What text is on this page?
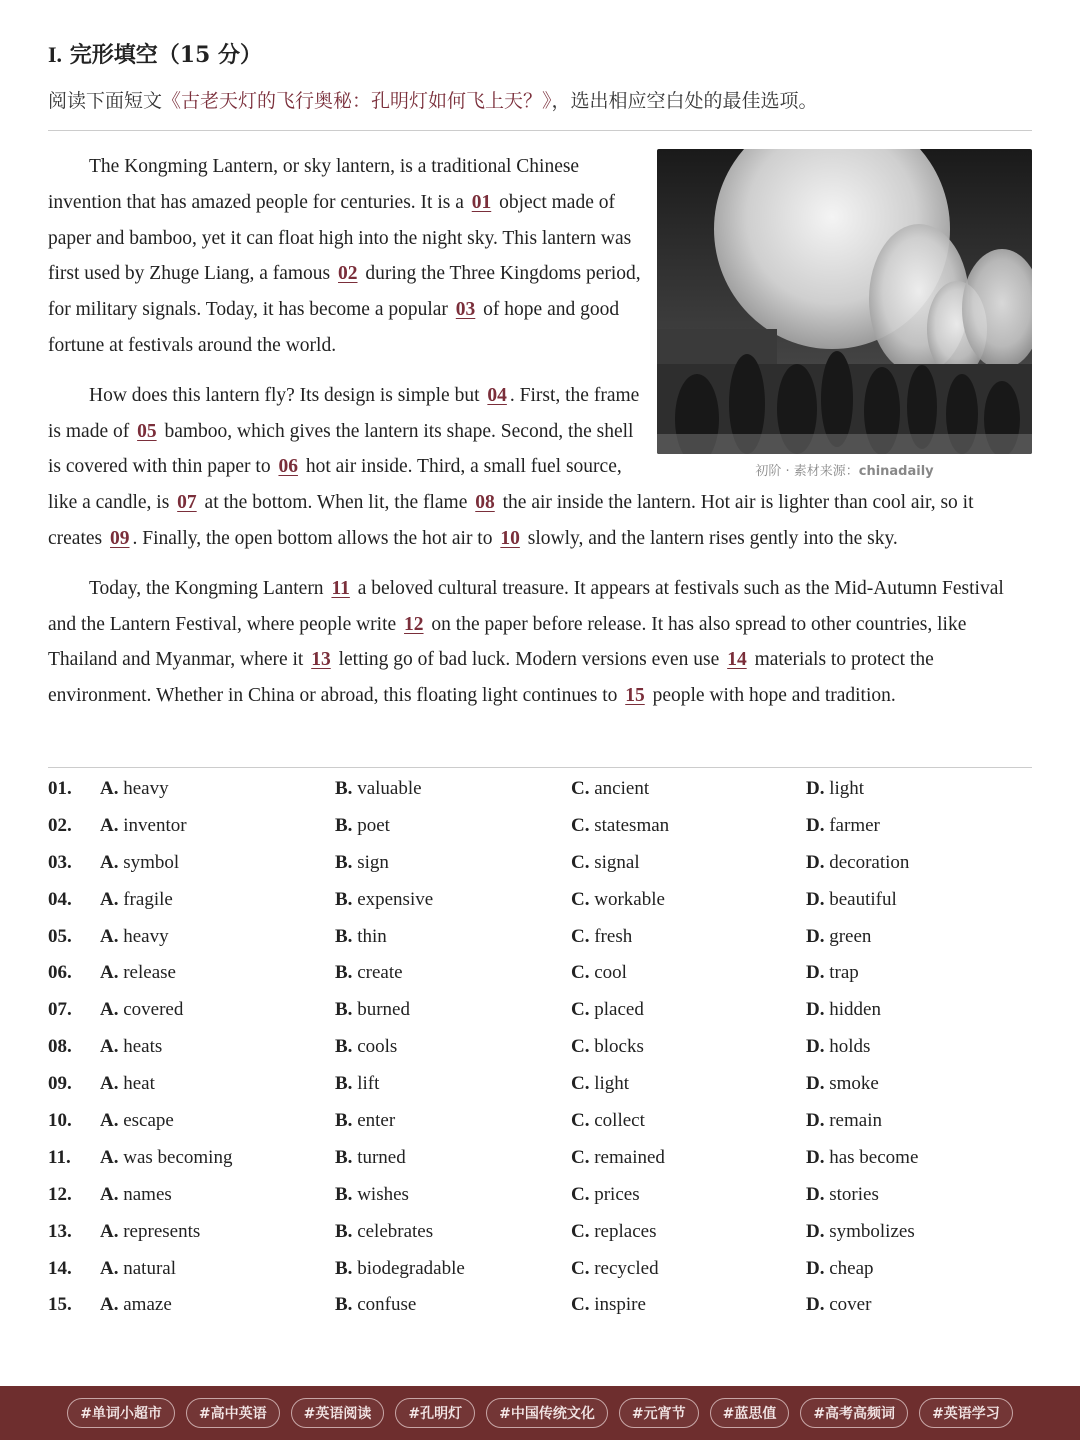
I. 完形填空（15 分）
阅读下面短文《古老天灯的飞行奥秘：孔明灯如何飞上天？》，选出相应空白处的最佳选项。
初阶 · 素材来源：chinadaily

The Kongming Lantern, or sky lantern, is a traditional Chinese invention that has amazed people for centuries. It is a 01 object made of paper and bamboo, yet it can float high into the night sky. This lantern was first used by Zhuge Liang, a famous 02 during the Three Kingdoms period, for military signals. Today, it has become a popular 03 of hope and good fortune at festivals around the world.

How does this lantern fly? Its design is simple but 04 . First, the frame is made of 05 bamboo, which gives the lantern its shape. Second, the shell is covered with thin paper to 06 hot air inside. Third, a small fuel source, like a candle, is 07 at the bottom. When lit, the flame 08 the air inside the lantern. Hot air is lighter than cool air, so it creates 09 . Finally, the open bottom allows the hot air to 10 slowly, and the lantern rises gently into the sky.

Today, the Kongming Lantern 11 a beloved cultural treasure. It appears at festivals such as the Mid-Autumn Festival and the Lantern Festival, where people write 12 on the paper before release. It has also spread to other countries, like Thailand and Myanmar, where it 13 letting go of bad luck. Modern versions even use 14 materials to protect the environment. Whether in China or abroad, this floating light continues to 15 people with hope and tradition.

01. A. heavy	B. valuable	C. ancient	D. light
02. A. inventor	B. poet	C. statesman	D. farmer
03. A. symbol	B. sign	C. signal	D. decoration
04. A. fragile	B. expensive	C. workable	D. beautiful
05. A. heavy	B. thin	C. fresh	D. green
06. A. release	B. create	C. cool	D. trap
07. A. covered	B. burned	C. placed	D. hidden
08. A. heats	B. cools	C. blocks	D. holds
09. A. heat	B. lift	C. light	D. smoke
10. A. escape	B. enter	C. collect	D. remain
11. A. was becoming	B. turned	C. remained	D. has become
12. A. names	B. wishes	C. prices	D. stories
13. A. represents	B. celebrates	C. replaces	D. symbolizes
14. A. natural	B. biodegradable	C. recycled	D. cheap
15. A. amaze	B. confuse	C. inspire	D. cover
#单词小超市	#高中英语	#英语阅读	#孔明灯	#中国传统文化	#元宵节	#蓝思值	#高考高频词	#英语学习
